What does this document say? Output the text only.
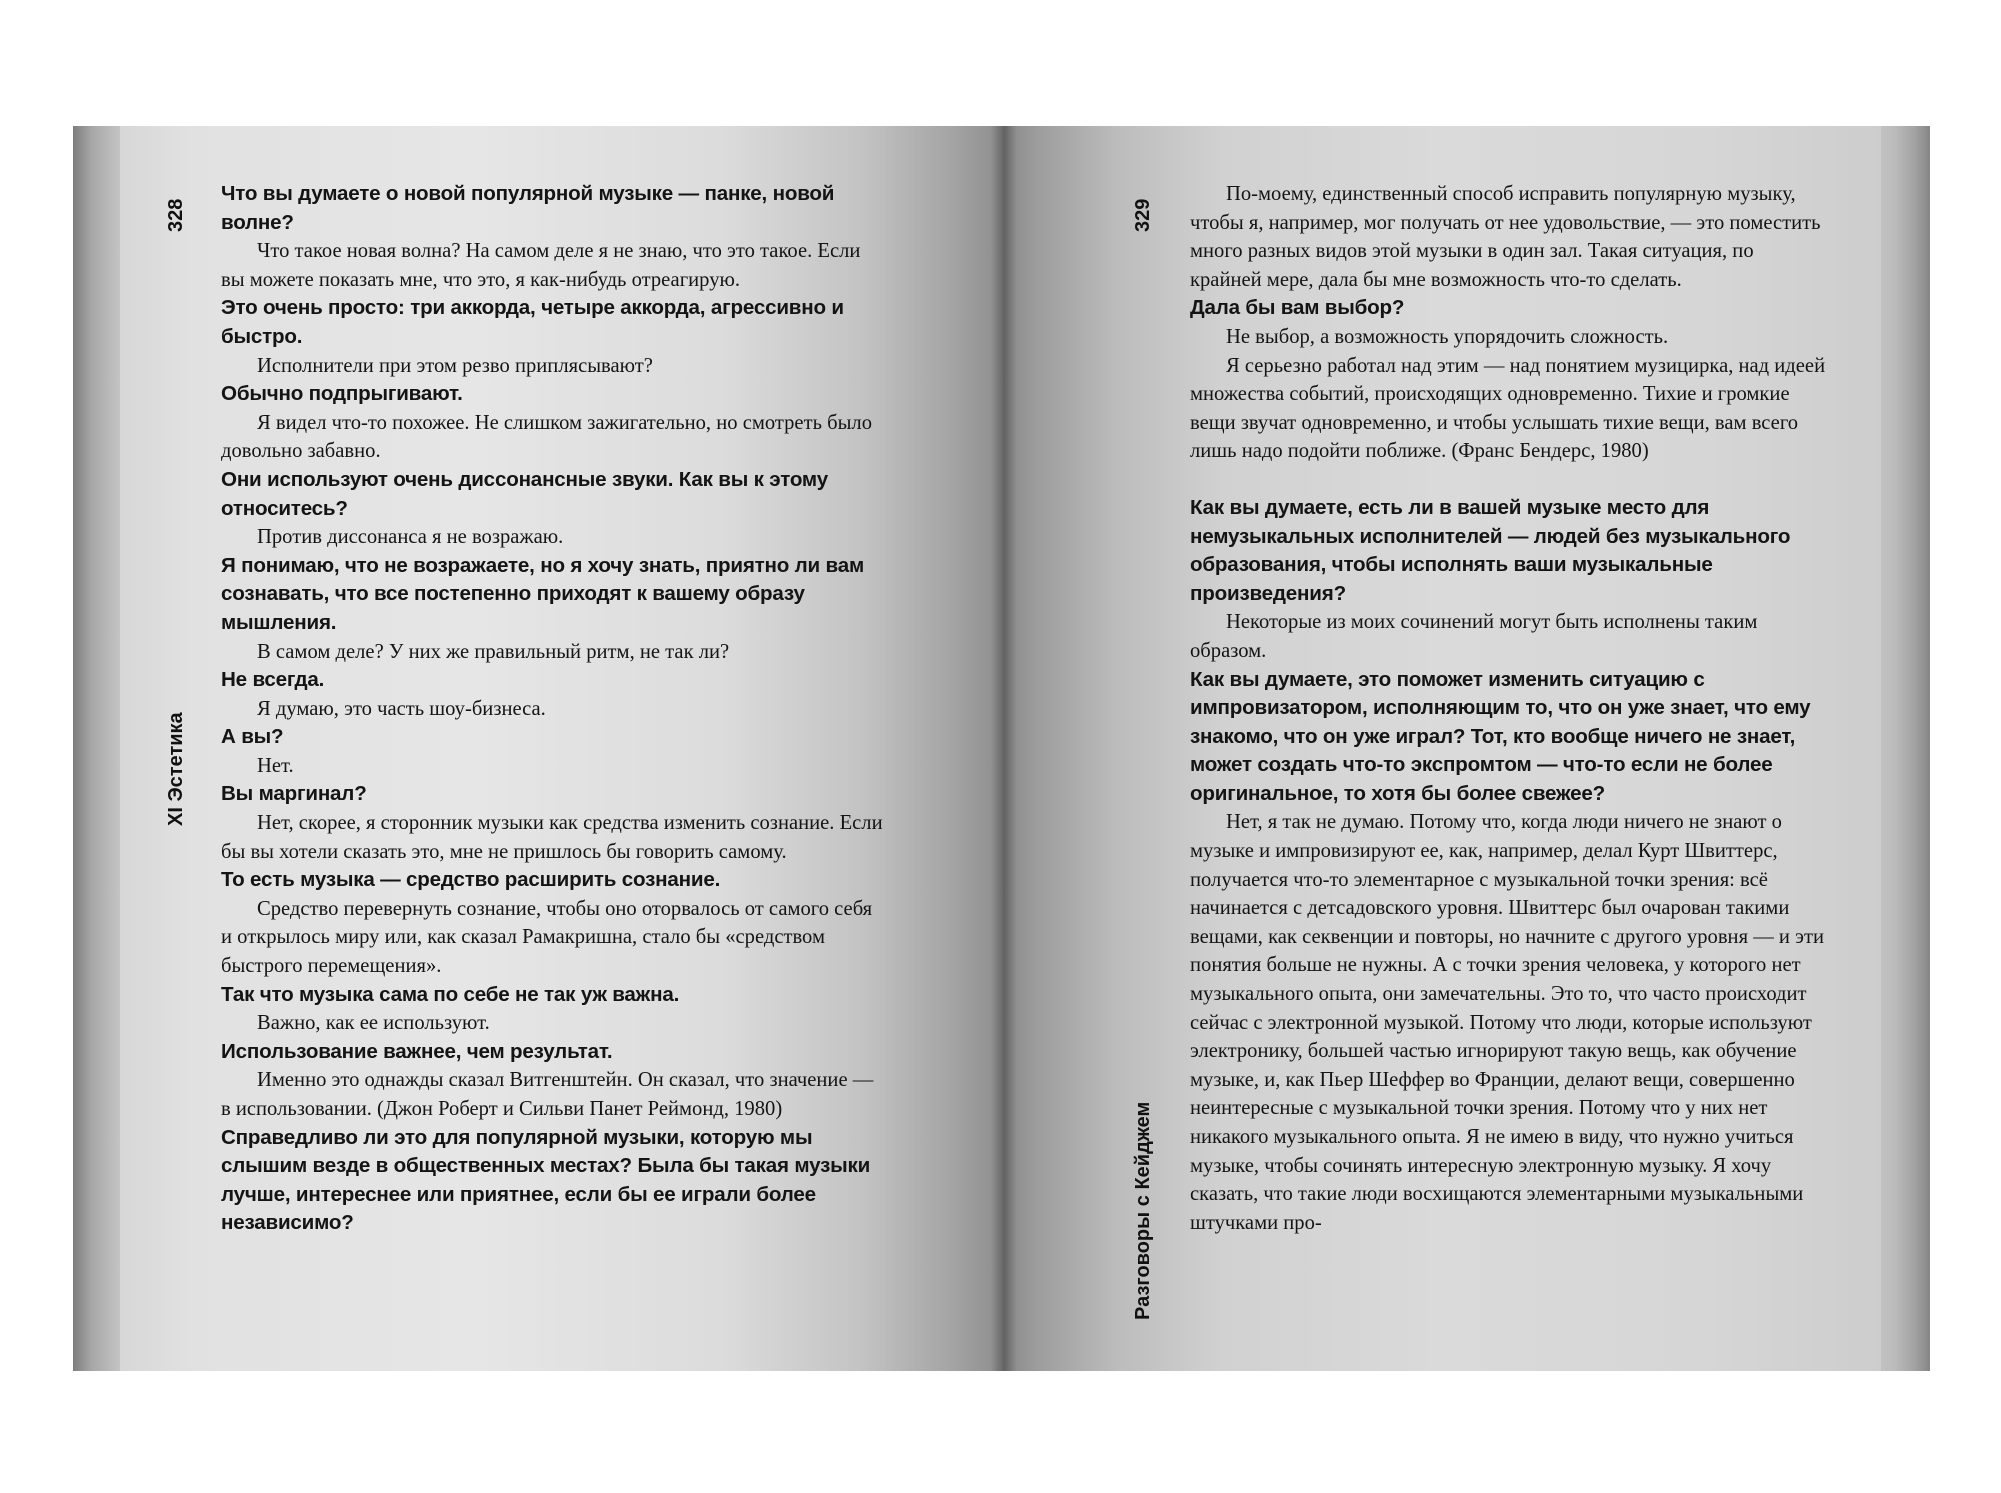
328
XI Эстетика
329
Разговоры с Кейджем

Что вы думаете о новой популярной музыке — панке, новой волне?

Что такое новая волна? На самом деле я не знаю, что это такое. Если вы можете показать мне, что это, я как-нибудь отреагирую.

Это очень просто: три аккорда, четыре аккорда, агрессивно и быстро.

Исполнители при этом резво приплясывают?

Обычно подпрыгивают.

Я видел что-то похожее. Не слишком зажигательно, но смотреть было довольно забавно.

Они используют очень диссонансные звуки. Как вы к этому относитесь?

Против диссонанса я не возражаю.

Я понимаю, что не возражаете, но я хочу знать, приятно ли вам сознавать, что все постепенно приходят к вашему образу мышления.

В самом деле? У них же правильный ритм, не так ли?

Не всегда.

Я думаю, это часть шоу-бизнеса.

А вы?

Нет.

Вы маргинал?

Нет, скорее, я сторонник музыки как средства изменить сознание. Если бы вы хотели сказать это, мне не пришлось бы говорить самому.

То есть музыка — средство расширить сознание.

Средство перевернуть сознание, чтобы оно оторвалось от самого себя и открылось миру или, как сказал Рамакришна, стало бы «средством быстрого перемещения».

Так что музыка сама по себе не так уж важна.

Важно, как ее используют.

Использование важнее, чем результат.

Именно это однажды сказал Витгенштейн. Он сказал, что значение — в использовании. (Джон Роберт и Сильви Панет Реймонд, 1980)

Справедливо ли это для популярной музыки, которую мы слышим везде в общественных местах? Была бы такая музыки лучше, интереснее или приятнее, если бы ее играли более независимо?

По-моему, единственный способ исправить популярную музыку, чтобы я, например, мог получать от нее удовольствие, — это поместить много разных видов этой музыки в один зал. Такая ситуация, по крайней мере, дала бы мне возможность что-то сделать.

Дала бы вам выбор?

Не выбор, а возможность упорядочить сложность.

Я серьезно работал над этим — над понятием музицирка, над идеей множества событий, происходящих одновременно. Тихие и громкие вещи звучат одновременно, и чтобы услышать тихие вещи, вам всего лишь надо подойти поближе. (Франс Бендерс, 1980)

Как вы думаете, есть ли в вашей музыке место для немузыкальных исполнителей — людей без музыкального образования, чтобы исполнять ваши музыкальные произведения?

Некоторые из моих сочинений могут быть исполнены таким образом.

Как вы думаете, это поможет изменить ситуацию с импровизатором, исполняющим то, что он уже знает, что ему знакомо, что он уже играл? Тот, кто вообще ничего не знает, может создать что-то экспромтом — что-то если не более оригинальное, то хотя бы более свежее?

Нет, я так не думаю. Потому что, когда люди ничего не знают о музыке и импровизируют ее, как, например, делал Курт Швиттерс, получается что-то элементарное с музыкальной точки зрения: всё начинается с детсадовского уровня. Швиттерс был очарован такими вещами, как секвенции и повторы, но начните с другого уровня — и эти понятия больше не нужны. А с точки зрения человека, у которого нет музыкального опыта, они замечательны. Это то, что часто происходит сейчас с электронной музыкой. Потому что люди, которые используют электронику, большей частью игнорируют такую вещь, как обучение музыке, и, как Пьер Шеффер во Франции, делают вещи, совершенно неинтересные с музыкальной точки зрения. Потому что у них нет никакого музыкального опыта. Я не имею в виду, что нужно учиться музыке, чтобы сочинять интересную электронную музыку. Я хочу сказать, что такие люди восхищаются элементарными музыкальными штучками про-
